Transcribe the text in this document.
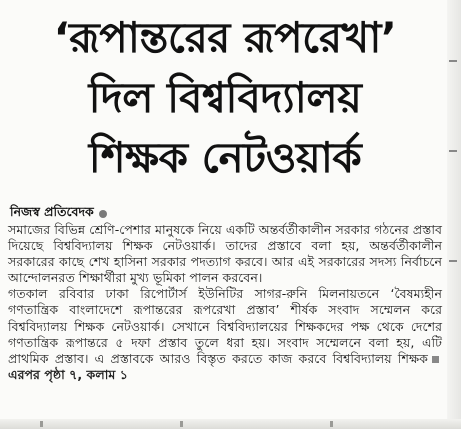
‘রূপান্তরের রূপরেখা’
দিল বিশ্ববিদ্যালয়
শিক্ষক নেটওয়ার্ক
নিজস্ব প্রতিবেদক

সমাজের বিভিন্ন শ্রেণি-পেশার মানুষকে নিয়ে একটি অন্তর্বর্তীকালীন সরকার গঠনের প্রস্তাব দিয়েছে বিশ্ববিদ্যালয় শিক্ষক নেটওয়ার্ক। তাদের প্রস্তাবে বলা হয়, অন্তর্বর্তীকালীন সরকারের কাছে শেখ হাসিনা সরকার পদত্যাগ করবে। আর এই সরকারের সদস্য নির্বাচনে আন্দোলনরত শিক্ষার্থীরা মুখ্য ভূমিকা পালন করবেন।

গতকাল রবিবার ঢাকা রিপোর্টার্স ইউনিটির সাগর-রুনি মিলনায়তনে ‘বৈষম্যহীন গণতান্ত্রিক বাংলাদেশে রূপান্তরের রূপরেখা প্রস্তাব’ শীর্ষক সংবাদ সম্মেলন করে বিশ্ববিদ্যালয় শিক্ষক নেটওয়ার্ক। সেখানে বিশ্ববিদ্যালয়ের শিক্ষকদের পক্ষ থেকে দেশের গণতান্ত্রিক রূপান্তরে ৫ দফা প্রস্তাব তুলে ধরা হয়। সংবাদ সম্মেলনে বলা হয়, এটি প্রাথমিক প্রস্তাব। এ প্রস্তাবকে আরও বিস্তৃত করতে কাজ করবে বিশ্ববিদ্যালয় শিক্ষকএরপর পৃষ্ঠা ৭, কলাম ১
